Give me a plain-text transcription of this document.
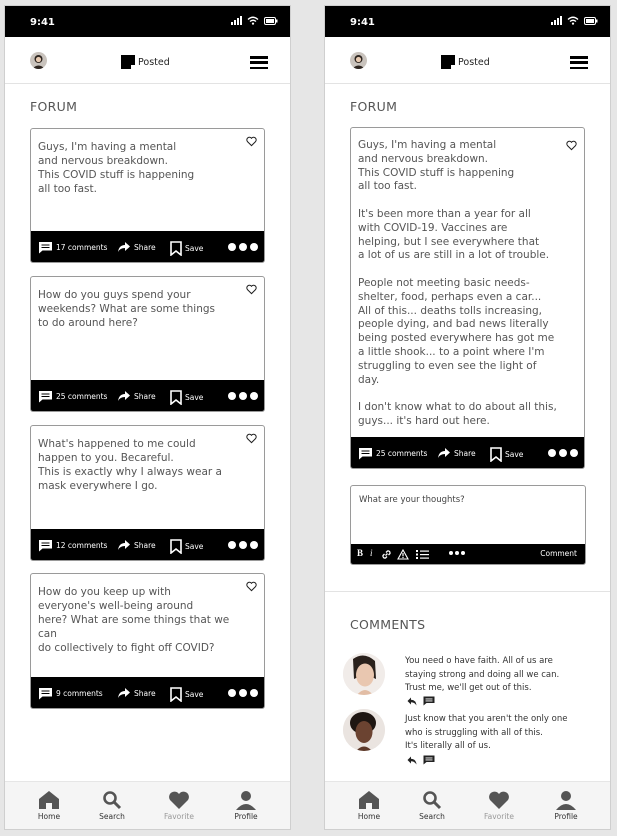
9:41
Posted
FORUM
Guys, I'm having a mental
and nervous breakdown.
This COVID stuff is happening
all too fast.
17 comments	Share	Save
How do you guys spend your
weekends? What are some things
to do around here?
25 comments	Share	Save
What's happened to me could
happen to you. Becareful.
This is exactly why I always wear a
mask everywhere I go.
12 comments	Share	Save
How do you keep up with
everyone's well-being around
here? What are some things that we can
do collectively to fight off COVID?
9 comments	Share	Save
Home	Search	Favorite	Profile
9:41
Posted
FORUM
Guys, I'm having a mental
and nervous breakdown.
This COVID stuff is happening
all too fast.

It's been more than a year for all
with COVID-19. Vaccines are
helping, but I see everywhere that
a lot of us are still in a lot of trouble.

People not meeting basic needs-
shelter, food, perhaps even a car...
All of this... deaths tolls increasing,
people dying, and bad news literally
being posted everywhere has got me
a little shook... to a point where I'm
struggling to even see the light of
day.

I don't know what to do about all this,
guys... it's hard out here.
25 comments	Share	Save
What are your thoughts?
B i	Comment
COMMENTS
You need o have faith. All of us are
staying strong and doing all we can.
Trust me, we'll get out of this.
Just know that you aren't the only one
who is struggling with all of this.
It's literally all of us.
Home	Search	Favorite	Profile
